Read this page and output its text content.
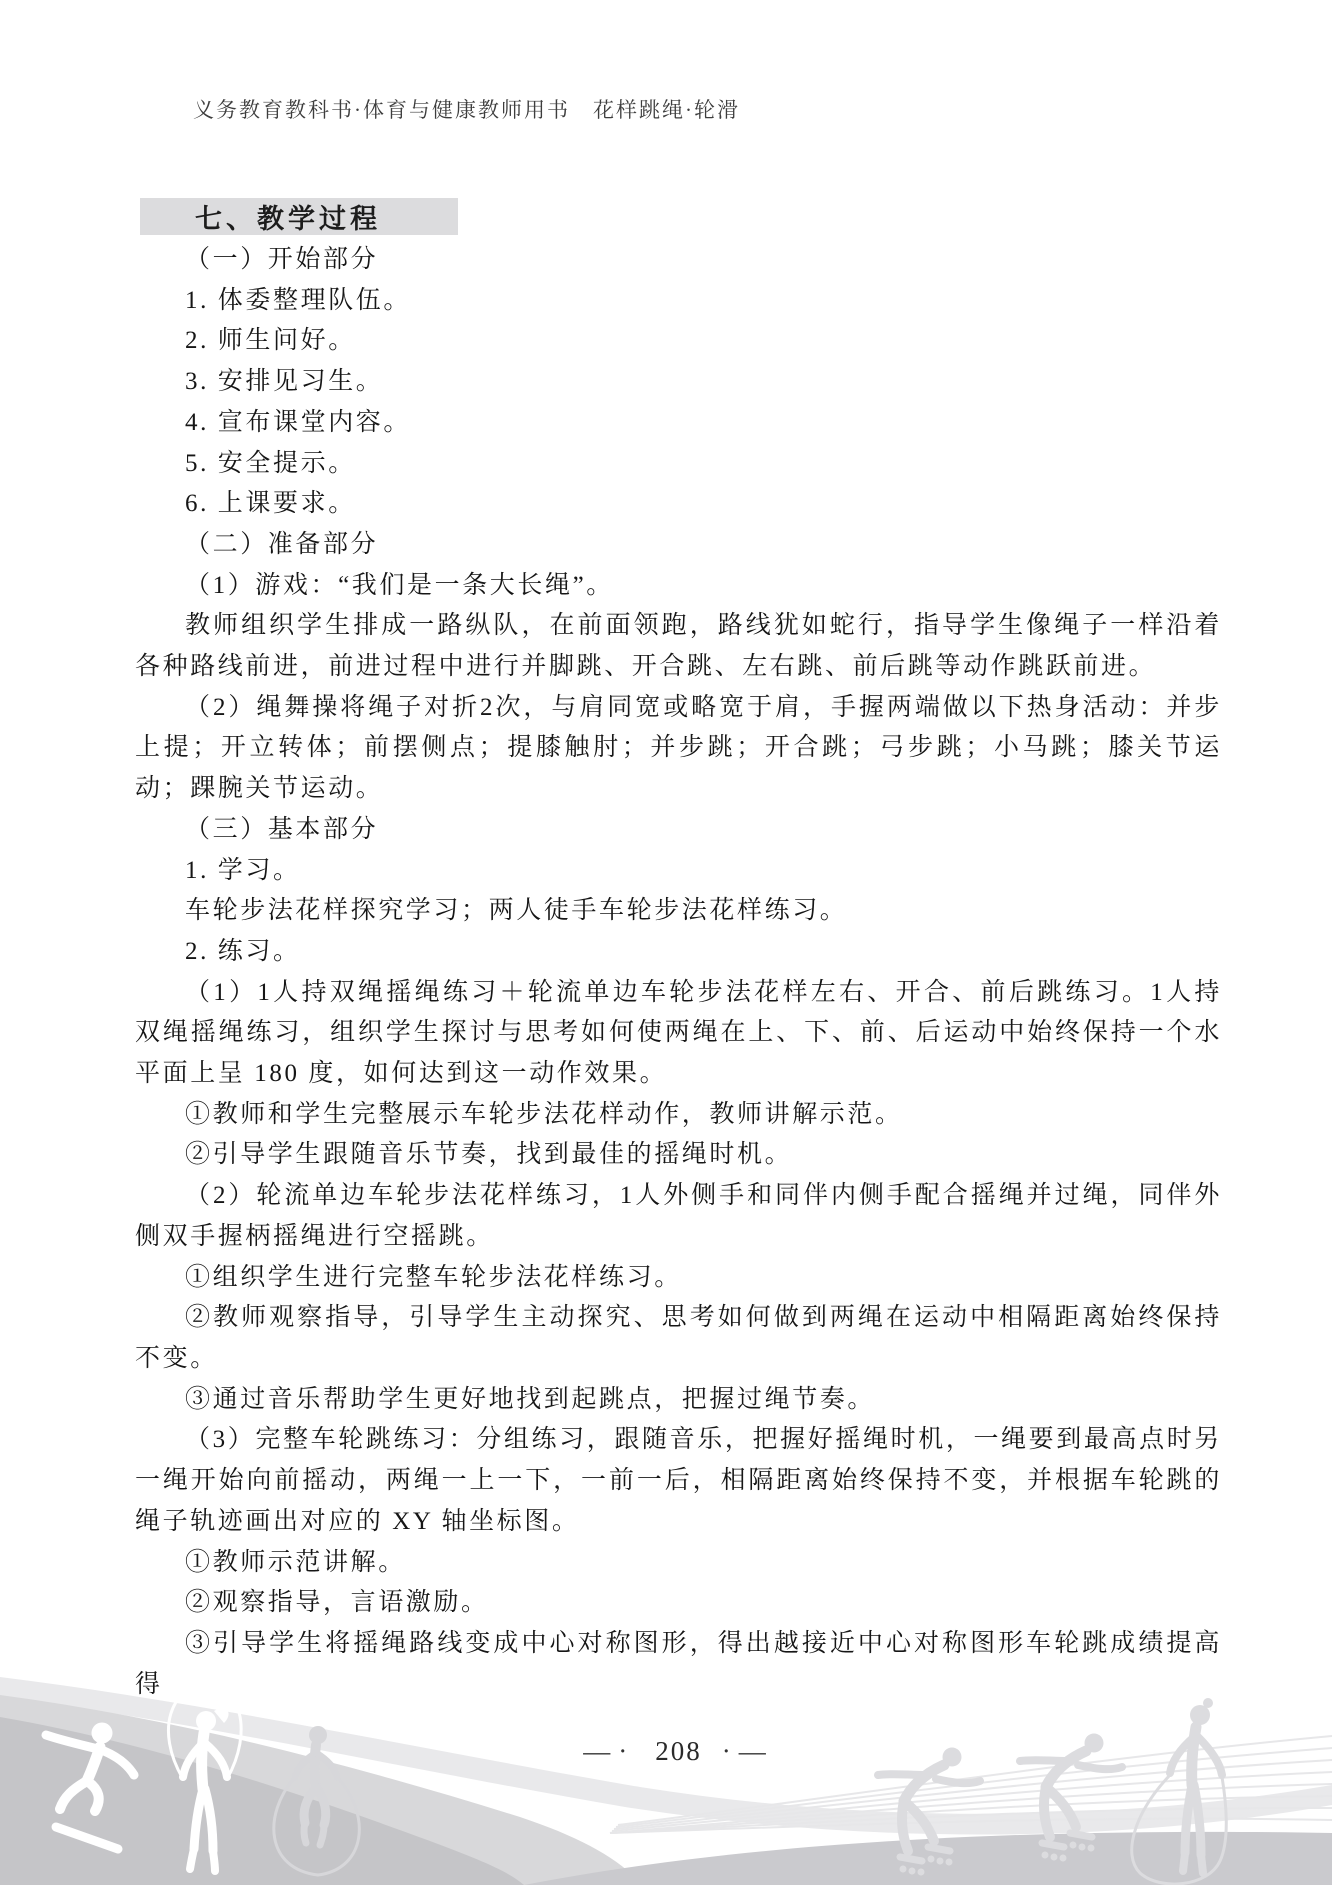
义务教育教科书·体育与健康教师用书　花样跳绳·轮滑
七、教学过程

（一）开始部分

1. 体委整理队伍。

2. 师生问好。

3. 安排见习生。

4. 宣布课堂内容。

5. 安全提示。

6. 上课要求。

（二）准备部分

（1）游戏：“我们是一条大长绳”。

教师组织学生排成一路纵队，在前面领跑，路线犹如蛇行，指导学生像绳子一样沿着各种路线前进，前进过程中进行并脚跳、开合跳、左右跳、前后跳等动作跳跃前进。

（2）绳舞操将绳子对折2次，与肩同宽或略宽于肩，手握两端做以下热身活动：并步上提；开立转体；前摆侧点；提膝触肘；并步跳；开合跳；弓步跳；小马跳；膝关节运动；踝腕关节运动。

（三）基本部分

1. 学习。

车轮步法花样探究学习；两人徒手车轮步法花样练习。

2. 练习。

（1）1人持双绳摇绳练习＋轮流单边车轮步法花样左右、开合、前后跳练习。1人持双绳摇绳练习，组织学生探讨与思考如何使两绳在上、下、前、后运动中始终保持一个水平面上呈 180 度，如何达到这一动作效果。

①教师和学生完整展示车轮步法花样动作，教师讲解示范。

②引导学生跟随音乐节奏，找到最佳的摇绳时机。

（2）轮流单边车轮步法花样练习，1人外侧手和同伴内侧手配合摇绳并过绳，同伴外侧双手握柄摇绳进行空摇跳。

①组织学生进行完整车轮步法花样练习。

②教师观察指导，引导学生主动探究、思考如何做到两绳在运动中相隔距离始终保持不变。

③通过音乐帮助学生更好地找到起跳点，把握过绳节奏。

（3）完整车轮跳练习：分组练习，跟随音乐，把握好摇绳时机，一绳要到最高点时另一绳开始向前摇动，两绳一上一下，一前一后，相隔距离始终保持不变，并根据车轮跳的绳子轨迹画出对应的 XY 轴坐标图。

①教师示范讲解。

②观察指导，言语激励。

③引导学生将摇绳路线变成中心对称图形，得出越接近中心对称图形车轮跳成绩提高得

—· 208 ·—
